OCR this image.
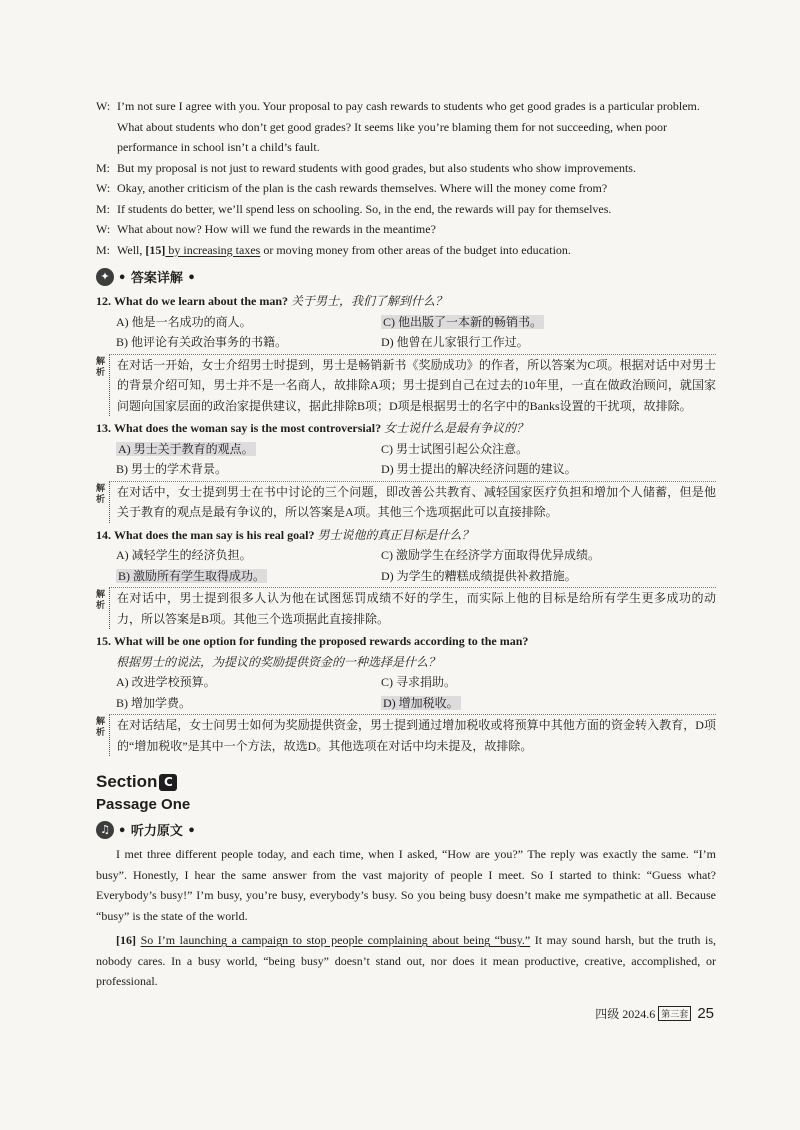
W: I’m not sure I agree with you. Your proposal to pay cash rewards to students who get good grades is a particular problem. What about students who don’t get good grades? It seems like you’re blaming them for not succeeding, when poor performance in school isn’t a child’s fault.
M: But my proposal is not just to reward students with good grades, but also students who show improvements.
W: Okay, another criticism of the plan is the cash rewards themselves. Where will the money come from?
M: If students do better, we’ll spend less on schooling. So, in the end, the rewards will pay for themselves.
W: What about now? How will we fund the rewards in the meantime?
M: Well, [15] by increasing taxes or moving money from other areas of the budget into education.
✦ • 答案详解 •
12. What do we learn about the man? 关于男士，我们了解到什么？
A) 他是一名成功的商人。	C) 他出版了一本新的畅销书。
B) 他评论有关政治事务的书籍。	D) 他曾在儿家银行工作过。
解析
在对话一开始，女士介绍男士时提到，男士是畅销新书《奖励成功》的作者，所以答案为C项。根据对话中对男士的背景介绍可知，男士并不是一名商人，故排除A项；男士提到自己在过去的10年里，一直在做政治顾问，就国家问题向国家层面的政治家提供建议，据此排除B项；D项是根据男士的名字中的Banks设置的干扰项，故排除。
13. What does the woman say is the most controversial? 女士说什么是最有争议的？
A) 男士关于教育的观点。	C) 男士试图引起公众注意。
B) 男士的学术背景。	D) 男士提出的解决经济问题的建议。
解析
在对话中，女士提到男士在书中讨论的三个问题，即改善公共教育、减轻国家医疗负担和增加个人储蓄，但是他关于教育的观点是最有争议的，所以答案是A项。其他三个选项据此可以直接排除。
14. What does the man say is his real goal? 男士说他的真正目标是什么？
A) 减轻学生的经济负担。	C) 激励学生在经济学方面取得优异成绩。
B) 激励所有学生取得成功。	D) 为学生的糟糕成绩提供补救措施。
解析
在对话中，男士提到很多人认为他在试图惩罚成绩不好的学生，而实际上他的目标是给所有学生更多成功的动力，所以答案是B项。其他三个选项据此直接排除。
15. What will be one option for funding the proposed rewards according to the man?
根据男士的说法，为提议的奖励提供资金的一种选择是什么？
A) 改进学校预算。	C) 寻求捐助。
B) 增加学费。	D) 增加税收。
解析
在对话结尾，女士问男士如何为奖励提供资金，男士提到通过增加税收或将预算中其他方面的资金转入教育，D项的“增加税收”是其中一个方法，故选D。其他选项在对话中均未提及，故排除。
Section C
Passage One
♫ • 听力原文 •
I met three different people today, and each time, when I asked, “How are you?” The reply was exactly the same. “I’m busy”. Honestly, I hear the same answer from the vast majority of people I meet. So I started to think: “Guess what? Everybody’s busy!” I’m busy, you’re busy, everybody’s busy. So you being busy doesn’t make me sympathetic at all. Because “busy” is the state of the world.
[16] So I’m launching a campaign to stop people complaining about being “busy.” It may sound harsh, but the truth is, nobody cares. In a busy world, “being busy” doesn’t stand out, nor does it mean productive, creative, accomplished, or professional.
四级 2024.6 第三套 25
